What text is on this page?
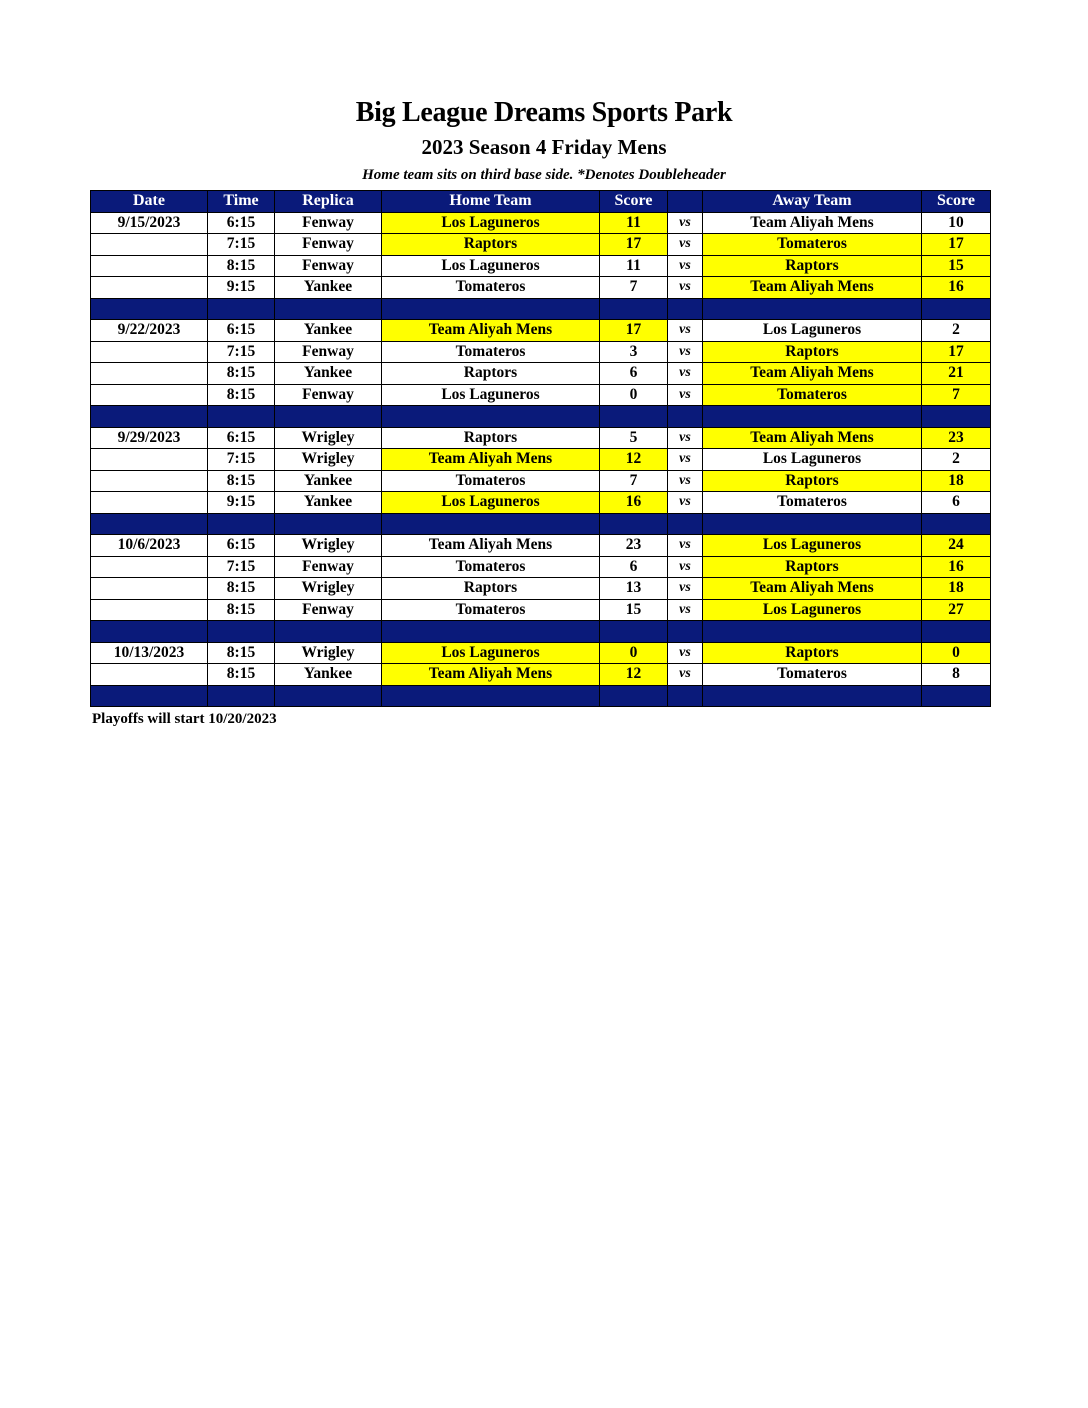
Big League Dreams Sports Park
2023 Season 4 Friday Mens
Home team sits on third base side. *Denotes Doubleheader
Date	Time	Replica	Home Team	Score		Away Team	Score
9/15/2023	6:15	Fenway	Los Laguneros	11	vs	Team Aliyah Mens	10
	7:15	Fenway	Raptors	17	vs	Tomateros	17
	8:15	Fenway	Los Laguneros	11	vs	Raptors	15
	9:15	Yankee	Tomateros	7	vs	Team Aliyah Mens	16

9/22/2023	6:15	Yankee	Team Aliyah Mens	17	vs	Los Laguneros	2
	7:15	Fenway	Tomateros	3	vs	Raptors	17
	8:15	Yankee	Raptors	6	vs	Team Aliyah Mens	21
	8:15	Fenway	Los Laguneros	0	vs	Tomateros	7

9/29/2023	6:15	Wrigley	Raptors	5	vs	Team Aliyah Mens	23
	7:15	Wrigley	Team Aliyah Mens	12	vs	Los Laguneros	2
	8:15	Yankee	Tomateros	7	vs	Raptors	18
	9:15	Yankee	Los Laguneros	16	vs	Tomateros	6

10/6/2023	6:15	Wrigley	Team Aliyah Mens	23	vs	Los Laguneros	24
	7:15	Fenway	Tomateros	6	vs	Raptors	16
	8:15	Wrigley	Raptors	13	vs	Team Aliyah Mens	18
	8:15	Fenway	Tomateros	15	vs	Los Laguneros	27

10/13/2023	8:15	Wrigley	Los Laguneros	0	vs	Raptors	0
	8:15	Yankee	Team Aliyah Mens	12	vs	Tomateros	8

Playoffs will start 10/20/2023
